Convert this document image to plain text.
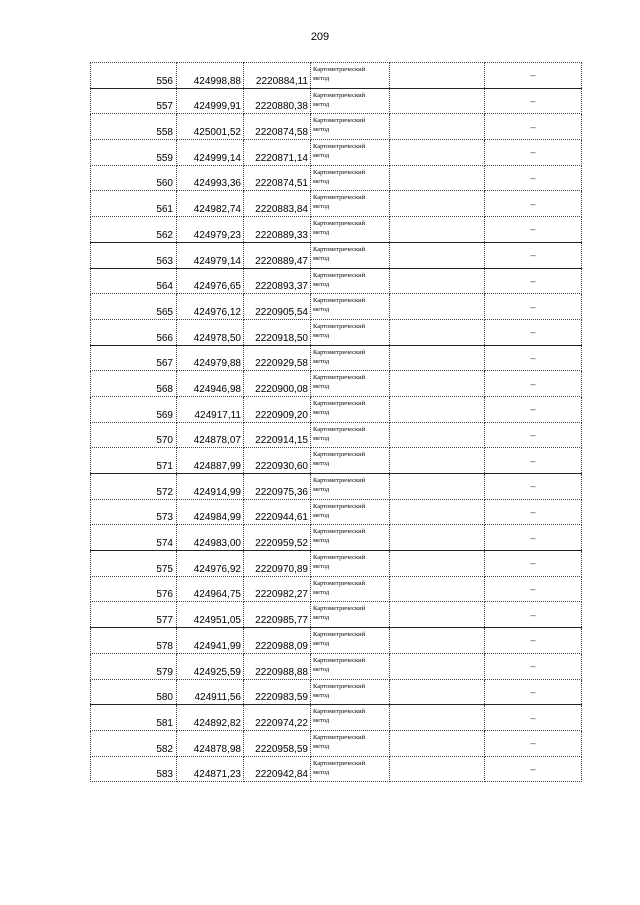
209
556	424998,88	2220884,11	Картометрический
метод		–
557	424999,91	2220880,38	Картометрический
метод		–
558	425001,52	2220874,58	Картометрический
метод		–
559	424999,14	2220871,14	Картометрический
метод		–
560	424993,36	2220874,51	Картометрический
метод		–
561	424982,74	2220883,84	Картометрический
метод		–
562	424979,23	2220889,33	Картометрический
метод		–
563	424979,14	2220889,47	Картометрический
метод		–
564	424976,65	2220893,37	Картометрический
метод		–
565	424976,12	2220905,54	Картометрический
метод		–
566	424978,50	2220918,50	Картометрический
метод		–
567	424979,88	2220929,58	Картометрический
метод		–
568	424946,98	2220900,08	Картометрический
метод		–
569	424917,11	2220909,20	Картометрический
метод		–
570	424878,07	2220914,15	Картометрический
метод		–
571	424887,99	2220930,60	Картометрический
метод		–
572	424914,99	2220975,36	Картометрический
метод		–
573	424984,99	2220944,61	Картометрический
метод		–
574	424983,00	2220959,52	Картометрический
метод		–
575	424976,92	2220970,89	Картометрический
метод		–
576	424964,75	2220982,27	Картометрический
метод		–
577	424951,05	2220985,77	Картометрический
метод		–
578	424941,99	2220988,09	Картометрический
метод		–
579	424925,59	2220988,88	Картометрический
метод		–
580	424911,56	2220983,59	Картометрический
метод		–
581	424892,82	2220974,22	Картометрический
метод		–
582	424878,98	2220958,59	Картометрический
метод		–
583	424871,23	2220942,84	Картометрический
метод		–
